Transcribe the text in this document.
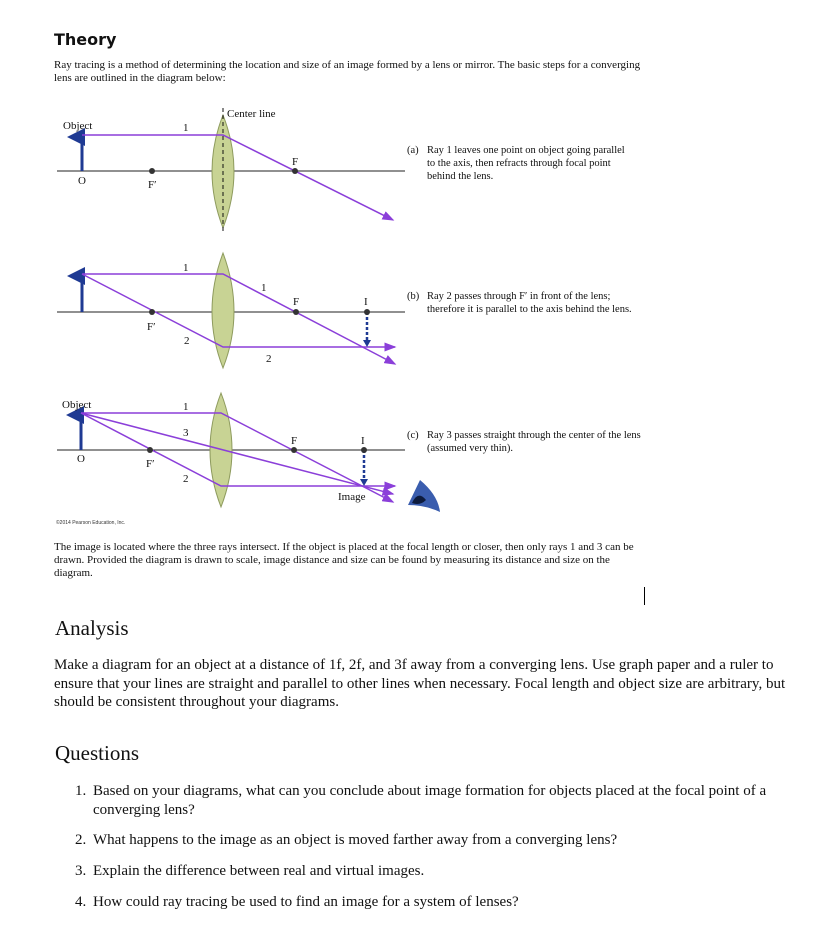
Theory
Ray tracing is a method of determining the location and size of an image formed by a lens or mirror. The basic steps for a converging lens are outlined in the diagram below:
Center line
Object	1
F
O	F′
1
1
F	I
F′
2
2
Object	1
3
F	I
O	F′
2
Image
(a) Ray 1 leaves one point on object going parallel to the axis, then refracts through focal point behind the lens.
(b) Ray 2 passes through F′ in front of the lens; therefore it is parallel to the axis behind the lens.
(c) Ray 3 passes straight through the center of the lens (assumed very thin).
©2014 Pearson Education, Inc.
The image is located where the three rays intersect. If the object is placed at the focal length or closer, then only rays 1 and 3 can be drawn. Provided the diagram is drawn to scale, image distance and size can be found by measuring its distance and size on the diagram.
Analysis
Make a diagram for an object at a distance of 1f, 2f, and 3f away from a converging lens. Use graph paper and a ruler to ensure that your lines are straight and parallel to other lines when necessary. Focal length and object size are arbitrary, but should be consistent throughout your diagrams.
Questions
1. Based on your diagrams, what can you conclude about image formation for objects placed at the focal point of a converging lens?
2. What happens to the image as an object is moved farther away from a converging lens?
3. Explain the difference between real and virtual images.
4. How could ray tracing be used to find an image for a system of lenses?
